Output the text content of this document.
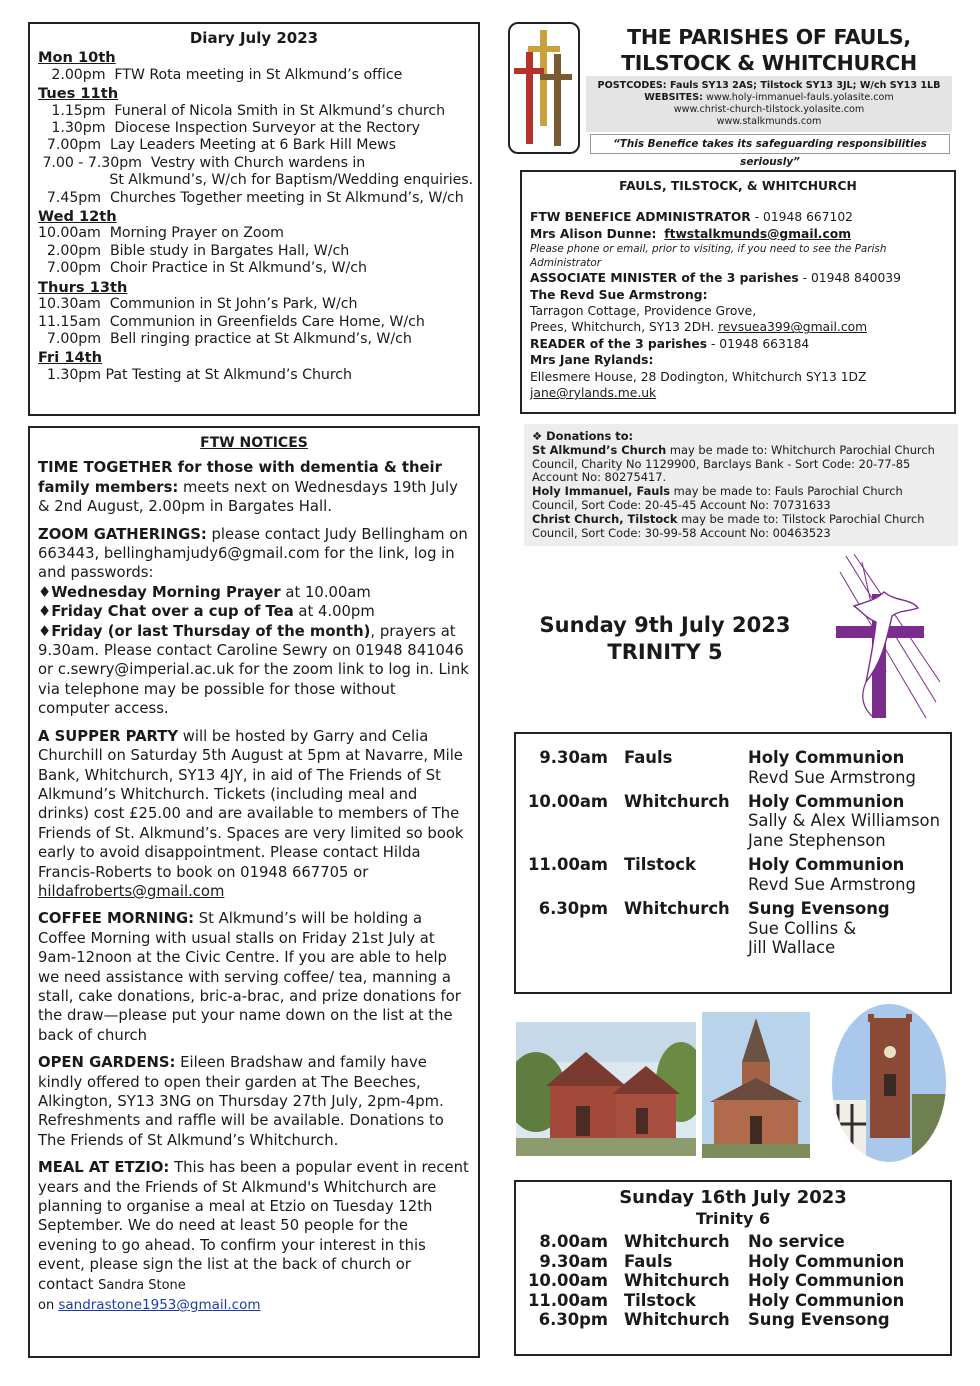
Diary July 2023
Mon 10th
2.00pm  FTW Rota meeting in St Alkmund’s office
Tues 11th
1.15pm  Funeral of Nicola Smith in St Alkmund’s church
1.30pm  Diocese Inspection Surveyor at the Rectory
7.00pm  Lay Leaders Meeting at 6 Bark Hill Mews
7.00 - 7.30pm  Vestry with Church wardens in
St Alkmund’s, W/ch for Baptism/Wedding enquiries.
7.45pm  Churches Together meeting in St Alkmund’s, W/ch
Wed 12th
10.00am  Morning Prayer on Zoom
2.00pm  Bible study in Bargates Hall, W/ch
7.00pm  Choir Practice in St Alkmund’s, W/ch
Thurs 13th
10.30am  Communion in St John’s Park, W/ch
11.15am  Communion in Greenfields Care Home, W/ch
7.00pm  Bell ringing practice at St Alkmund’s, W/ch
Fri 14th
1.30pm Pat Testing at St Alkmund’s Church
FTW NOTICES
TIME TOGETHER for those with dementia & their family members: meets next on Wednesdays 19th July & 2nd August, 2.00pm in Bargates Hall.
ZOOM GATHERINGS: please contact Judy Bellingham on 663443, bellinghamjudy6@gmail.com for the link, log in and passwords:
♦Wednesday Morning Prayer at 10.00am
♦Friday Chat over a cup of Tea at 4.00pm
♦Friday (or last Thursday of the month), prayers at 9.30am. Please contact Caroline Sewry on 01948 841046 or c.sewry@imperial.ac.uk for the zoom link to log in. Link via telephone may be possible for those without computer access.
A SUPPER PARTY will be hosted by Garry and Celia Churchill on Saturday 5th August at 5pm at Navarre, Mile Bank, Whitchurch, SY13 4JY, in aid of The Friends of St Alkmund’s Whitchurch. Tickets (including meal and drinks) cost £25.00 and are available to members of The Friends of St. Alkmund’s. Spaces are very limited so book early to avoid disappointment. Please contact Hilda Francis-Roberts to book on 01948 667705 or hildafroberts@gmail.com
COFFEE MORNING: St Alkmund’s will be holding a Coffee Morning with usual stalls on Friday 21st July at 9am-12noon at the Civic Centre. If you are able to help we need assistance with serving coffee/ tea, manning a stall, cake donations, bric-a-brac, and prize donations for the draw—please put your name down on the list at the back of church
OPEN GARDENS: Eileen Bradshaw and family have kindly offered to open their garden at The Beeches, Alkington, SY13 3NG on Thursday 27th July, 2pm-4pm. Refreshments and raffle will be available. Donations to The Friends of St Alkmund’s Whitchurch.
MEAL AT ETZIO: This has been a popular event in recent years and the Friends of St Alkmund's Whitchurch are planning to organise a meal at Etzio on Tuesday 12th September. We do need at least 50 people for the evening to go ahead. To confirm your interest in this event, please sign the list at the back of church or contact Sandra Stone
on sandrastone1953@gmail.com
THE PARISHES OF FAULS,
TILSTOCK & WHITCHURCH
POSTCODES: Fauls SY13 2AS; Tilstock SY13 3JL; W/ch SY13 1LB
WEBSITES: www.holy-immanuel-fauls.yolasite.com
www.christ-church-tilstock.yolasite.com
www.stalkmunds.com
“This Benefice takes its safeguarding responsibilities seriously”
FAULS, TILSTOCK, & WHITCHURCH
FTW BENEFICE ADMINISTRATOR - 01948 667102
Mrs Alison Dunne: ftwstalkmunds@gmail.com
Please phone or email, prior to visiting, if you need to see the Parish Administrator
ASSOCIATE MINISTER of the 3 parishes - 01948 840039
The Revd Sue Armstrong:
Tarragon Cottage, Providence Grove,
Prees, Whitchurch, SY13 2DH. revsuea399@gmail.com
READER of the 3 parishes - 01948 663184
Mrs Jane Rylands:
Ellesmere House, 28 Dodington, Whitchurch SY13 1DZ
jane@rylands.me.uk
❖ Donations to:
St Alkmund’s Church may be made to: Whitchurch Parochial Church Council, Charity No 1129900, Barclays Bank - Sort Code: 20-77-85 Account No: 80275417.
Holy Immanuel, Fauls may be made to: Fauls Parochial Church Council, Sort Code: 20-45-45 Account No: 70731633
Christ Church, Tilstock may be made to: Tilstock Parochial Church Council, Sort Code: 30-99-58 Account No: 00463523
Sunday 9th July 2023
TRINITY 5
9.30am Fauls	Holy Communion
Revd Sue Armstrong
10.00am Whitchurch	Holy Communion
Sally & Alex Williamson
Jane Stephenson
11.00am Tilstock	Holy Communion
Revd Sue Armstrong
6.30pm Whitchurch	Sung Evensong
Sue Collins &
Jill Wallace
Sunday 16th July 2023
Trinity 6
8.00am Whitchurch	No service
9.30am Fauls	Holy Communion
10.00am Whitchurch	Holy Communion
11.00am Tilstock	Holy Communion
6.30pm Whitchurch	Sung Evensong
